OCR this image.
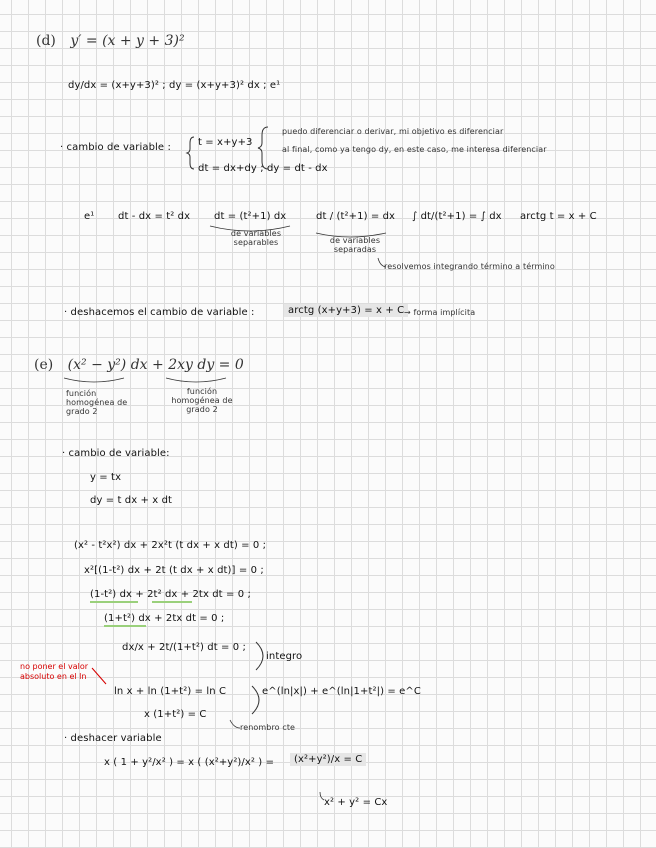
(d) y′ = (x + y + 3)²
dy/dx = (x+y+3)² ; dy = (x+y+3)² dx ; e¹
· cambio de variable :	t = x+y+3
dt = dx+dy ; dy = dt - dx
puedo diferenciar o derivar, mi objetivo es diferenciar
al final, como ya tengo dy, en este caso, me interesa diferenciar
e¹ dt - dx = t² dx dt = (t²+1) dx
de variables separables
dt / (t²+1) = dx
de variables separadas
∫ dt/(t²+1) = ∫ dx arctg t = x + C
resolvemos integrando término a término
· deshacemos el cambio de variable :	arctg (x+y+3) = x + C → forma implícita
(e) (x² − y²) dx + 2xy dy = 0
función homogénea de grado 2
función homogénea de grado 2
· cambio de variable:
y = tx
dy = t dx + x dt
(x² - t²x²) dx + 2x²t (t dx + x dt) = 0 ;
x²[(1-t²) dx + 2t (t dx + x dt)] = 0 ;
(1-t²) dx + 2t² dx + 2tx dt = 0 ;
(1+t²) dx + 2tx dt = 0 ;
dx/x + 2t/(1+t²) dt = 0 ;
integro
ln x + ln (1+t²) = ln C	e^(ln|x|) + e^(ln|1+t²|) = e^C
x (1+t²) = C
renombro cte
no poner el valor absoluto en el ln
· deshacer variable
x ( 1 + y²/x² ) = x ( (x²+y²)/x² ) =	(x²+y²)/x = C
x² + y² = Cx
